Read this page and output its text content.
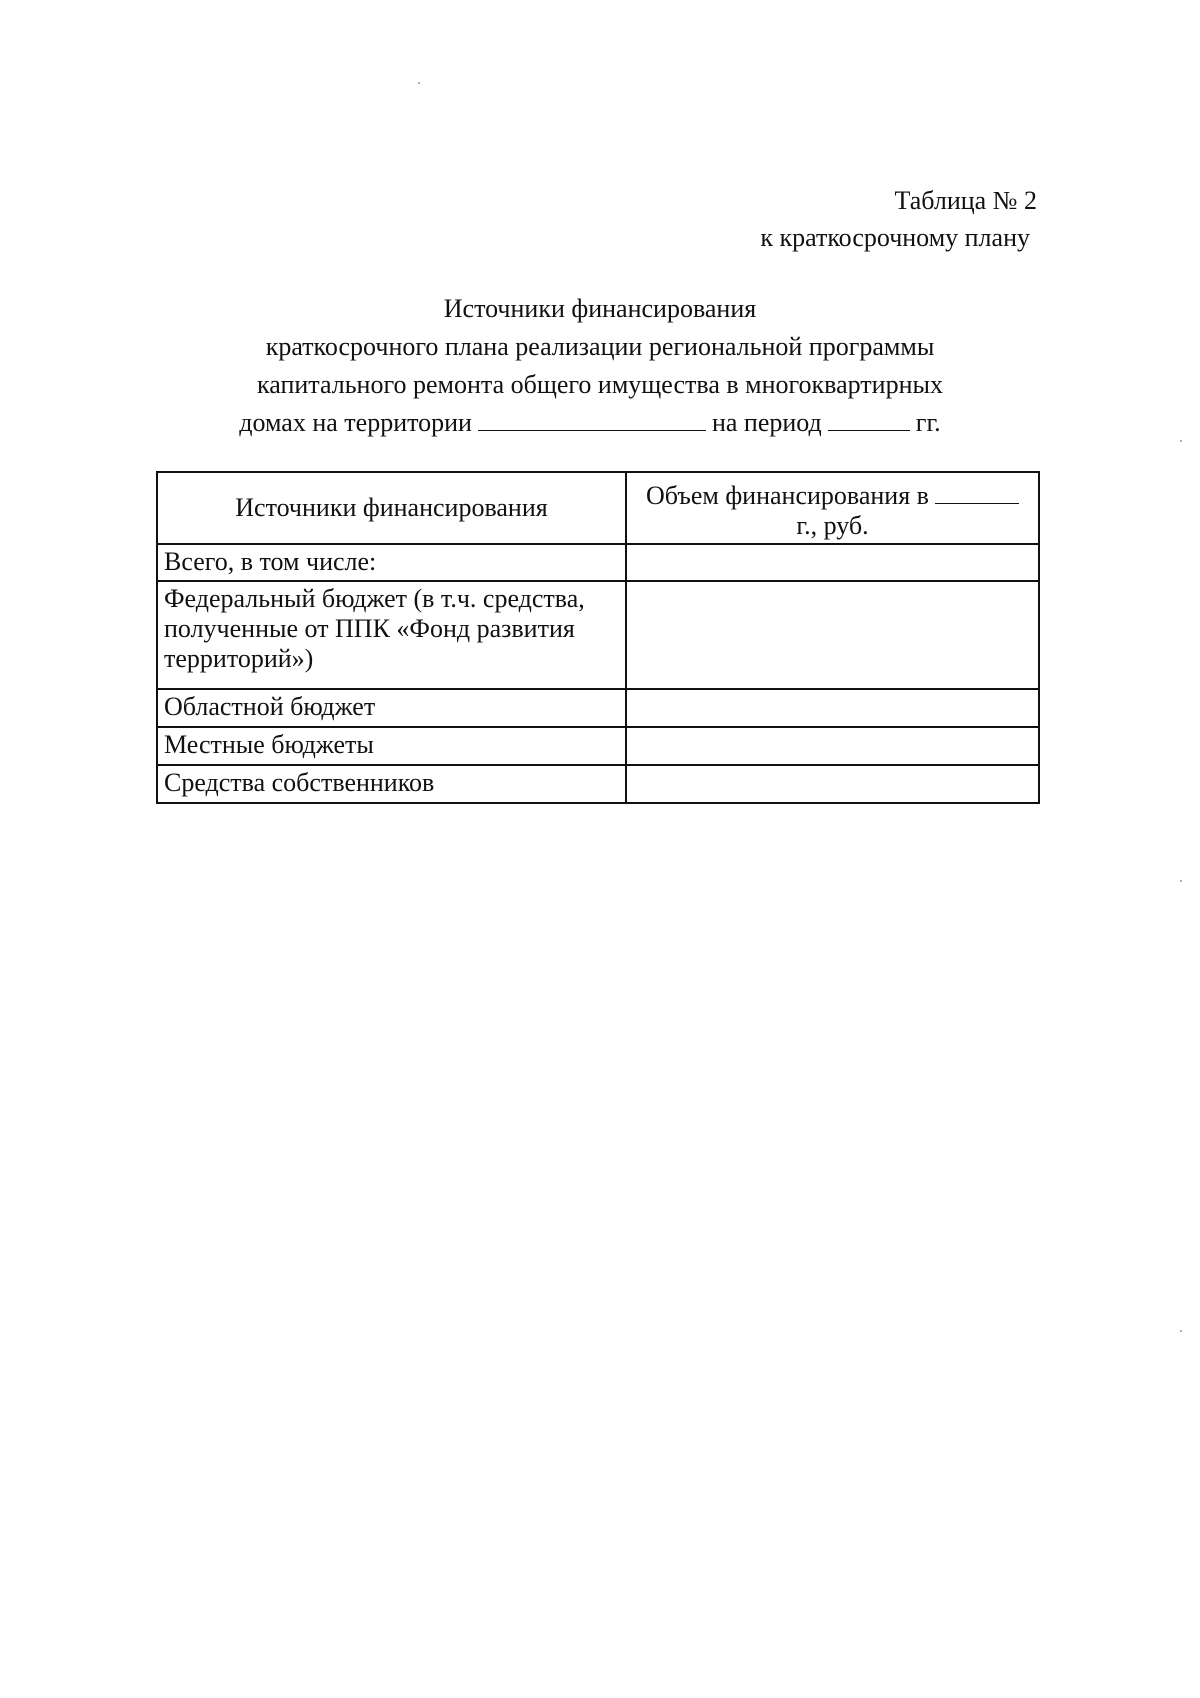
Таблица № 2
к краткосрочному плану
Источники финансирования
краткосрочного плана реализации региональной программы
капитального ремонта общего имущества в многоквартирных
домах на территории	на период	гг.
Источники финансирования	Объем финансирования в
г., руб.
Всего, в том числе:	
Федеральный бюджет (в т.ч. средства, полученные от ППК «Фонд развития территорий»)	
Областной бюджет	
Местные бюджеты	
Средства собственников	
